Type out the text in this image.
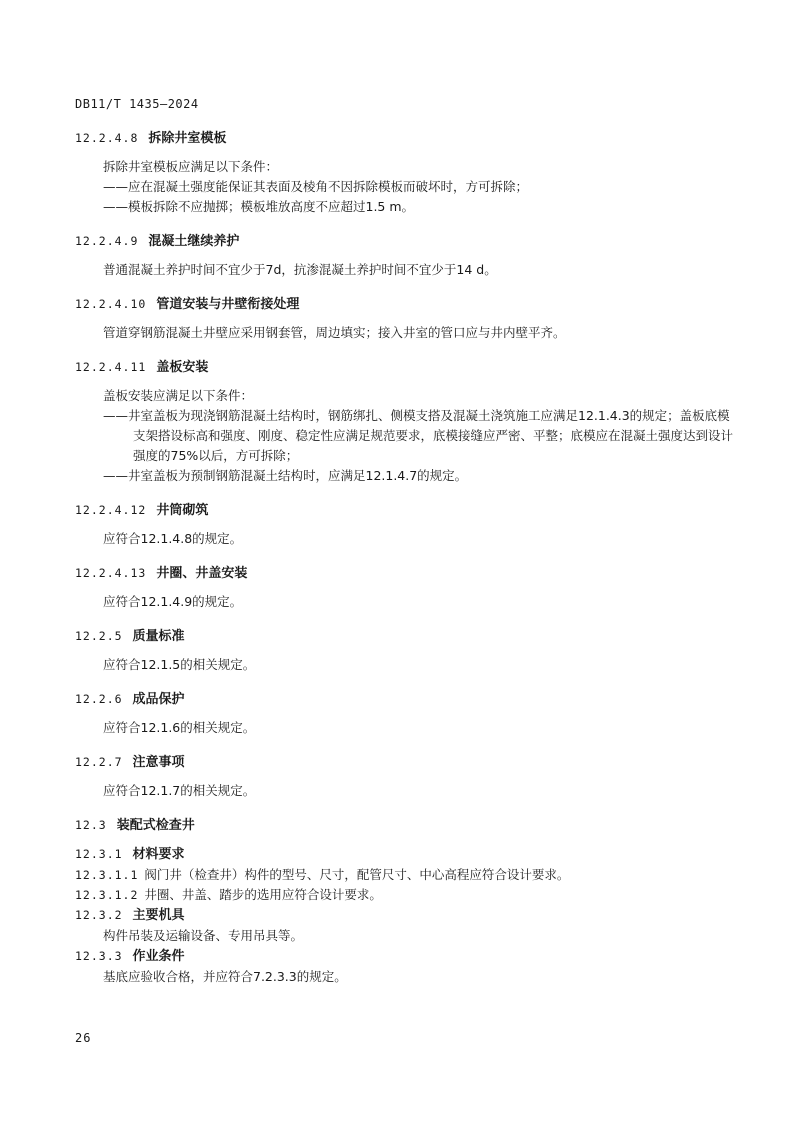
DB11/T 1435—2024

12.2.4.8 拆除井室模板

拆除井室模板应满足以下条件：

——应在混凝土强度能保证其表面及棱角不因拆除模板而破坏时，方可拆除；

——模板拆除不应抛掷；模板堆放高度不应超过1.5 m。

12.2.4.9 混凝土继续养护

普通混凝土养护时间不宜少于7d，抗渗混凝土养护时间不宜少于14 d。

12.2.4.10 管道安装与井壁衔接处理

管道穿钢筋混凝土井壁应采用钢套管，周边填实；接入井室的管口应与井内壁平齐。

12.2.4.11 盖板安装

盖板安装应满足以下条件：

——井室盖板为现浇钢筋混凝土结构时，钢筋绑扎、侧模支搭及混凝土浇筑施工应满足12.1.4.3的规定；盖板底模支架搭设标高和强度、刚度、稳定性应满足规范要求，底模接缝应严密、平整；底模应在混凝土强度达到设计强度的75%以后，方可拆除；

——井室盖板为预制钢筋混凝土结构时，应满足12.1.4.7的规定。

12.2.4.12 井筒砌筑

应符合12.1.4.8的规定。

12.2.4.13 井圈、井盖安装

应符合12.1.4.9的规定。

12.2.5 质量标准

应符合12.1.5的相关规定。

12.2.6 成品保护

应符合12.1.6的相关规定。

12.2.7 注意事项

应符合12.1.7的相关规定。

12.3 装配式检查井

12.3.1 材料要求

12.3.1.1 阀门井（检查井）构件的型号、尺寸，配管尺寸、中心高程应符合设计要求。

12.3.1.2 井圈、井盖、踏步的选用应符合设计要求。

12.3.2 主要机具

构件吊装及运输设备、专用吊具等。

12.3.3 作业条件

基底应验收合格，并应符合7.2.3.3的规定。

26
